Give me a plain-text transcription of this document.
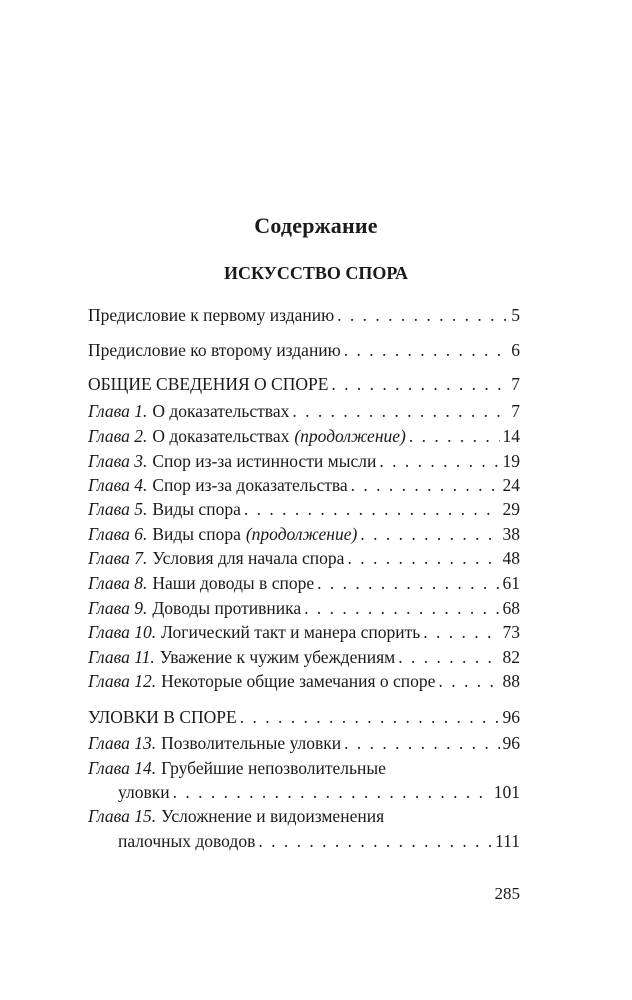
Содержание
ИСКУССТВО СПОРА
Предисловие к первому изданию . . .	5
Предисловие ко второму изданию . . .	6
ОБЩИЕ СВЕДЕНИЯ О СПОРЕ . . .	7
Глава 1. О доказательствах . . .	7
Глава 2. О доказательствах (продолжение) . . .	14
Глава 3. Спор из-за истинности мысли . . .	19
Глава 4. Спор из-за доказательства . . .	24
Глава 5. Виды спора . . .	29
Глава 6. Виды спора (продолжение) . . .	38
Глава 7. Условия для начала спора . . .	48
Глава 8. Наши доводы в споре . . .	61
Глава 9. Доводы противника . . .	68
Глава 10. Логический такт и манера спорить . . .	73
Глава 11. Уважение к чужим убеждениям . . .	82
Глава 12. Некоторые общие замечания о споре . . .	88
УЛОВКИ В СПОРЕ . . .	96
Глава 13. Позволительные уловки . . .	96
Глава 14. Грубейшие непозволительные
уловки . . .	101
Глава 15. Усложнение и видоизменения
палочных доводов . . .	111
285
